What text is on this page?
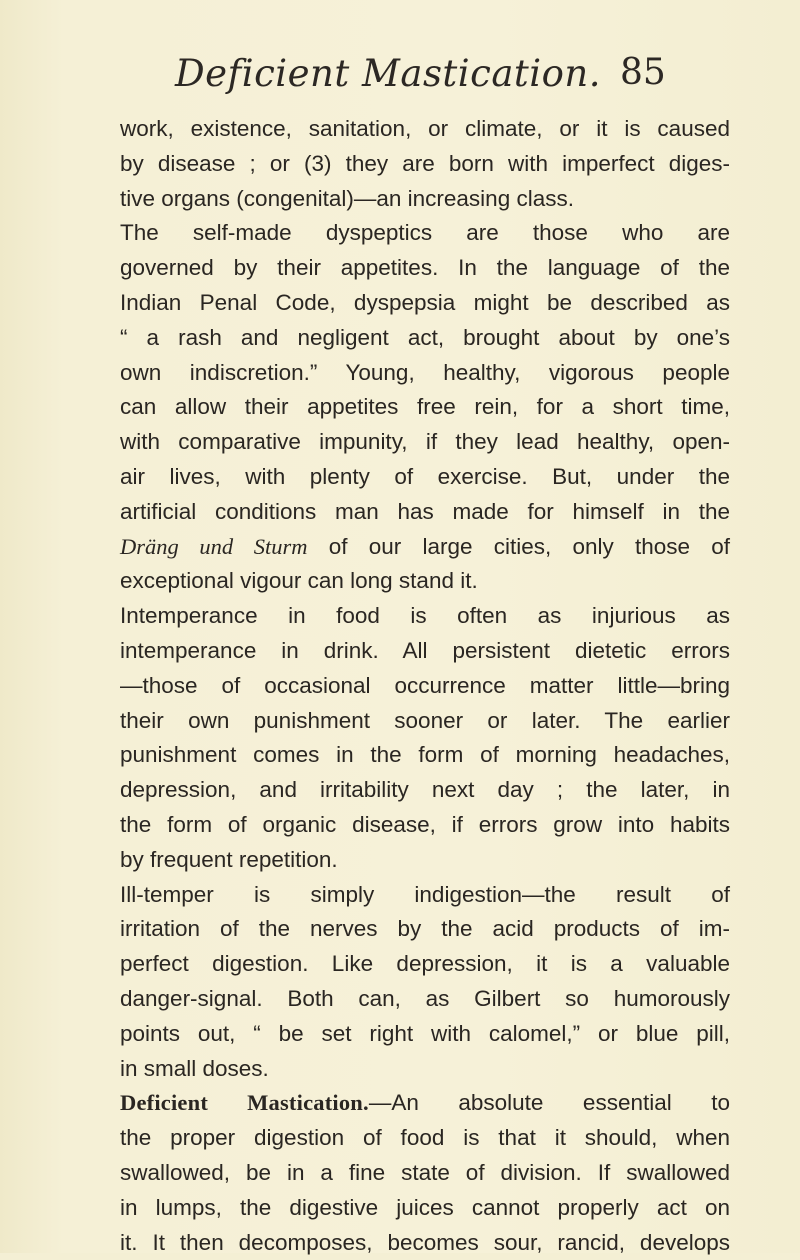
Deficient Mastication. 85
work, existence, sanitation, or climate, or it is caused
by disease ; or (3) they are born with imperfect diges-
tive organs (congenital)—an increasing class.
The self-made dyspeptics are those who are
governed by their appetites. In the language of the
Indian Penal Code, dyspepsia might be described as
“ a rash and negligent act, brought about by one’s
own indiscretion.” Young, healthy, vigorous people
can allow their appetites free rein, for a short time,
with comparative impunity, if they lead healthy, open-
air lives, with plenty of exercise. But, under the
artificial conditions man has made for himself in the
Dräng und Sturm of our large cities, only those of
exceptional vigour can long stand it.
Intemperance in food is often as injurious as
intemperance in drink. All persistent dietetic errors
—those of occasional occurrence matter little—bring
their own punishment sooner or later. The earlier
punishment comes in the form of morning headaches,
depression, and irritability next day ; the later, in
the form of organic disease, if errors grow into habits
by frequent repetition.
Ill-temper is simply indigestion—the result of
irritation of the nerves by the acid products of im-
perfect digestion. Like depression, it is a valuable
danger-signal. Both can, as Gilbert so humorously
points out, “ be set right with calomel,” or blue pill,
in small doses.
Deficient Mastication.—An absolute essential to
the proper digestion of food is that it should, when
swallowed, be in a fine state of division. If swallowed
in lumps, the digestive juices cannot properly act on
it. It then decomposes, becomes sour, rancid, develops
